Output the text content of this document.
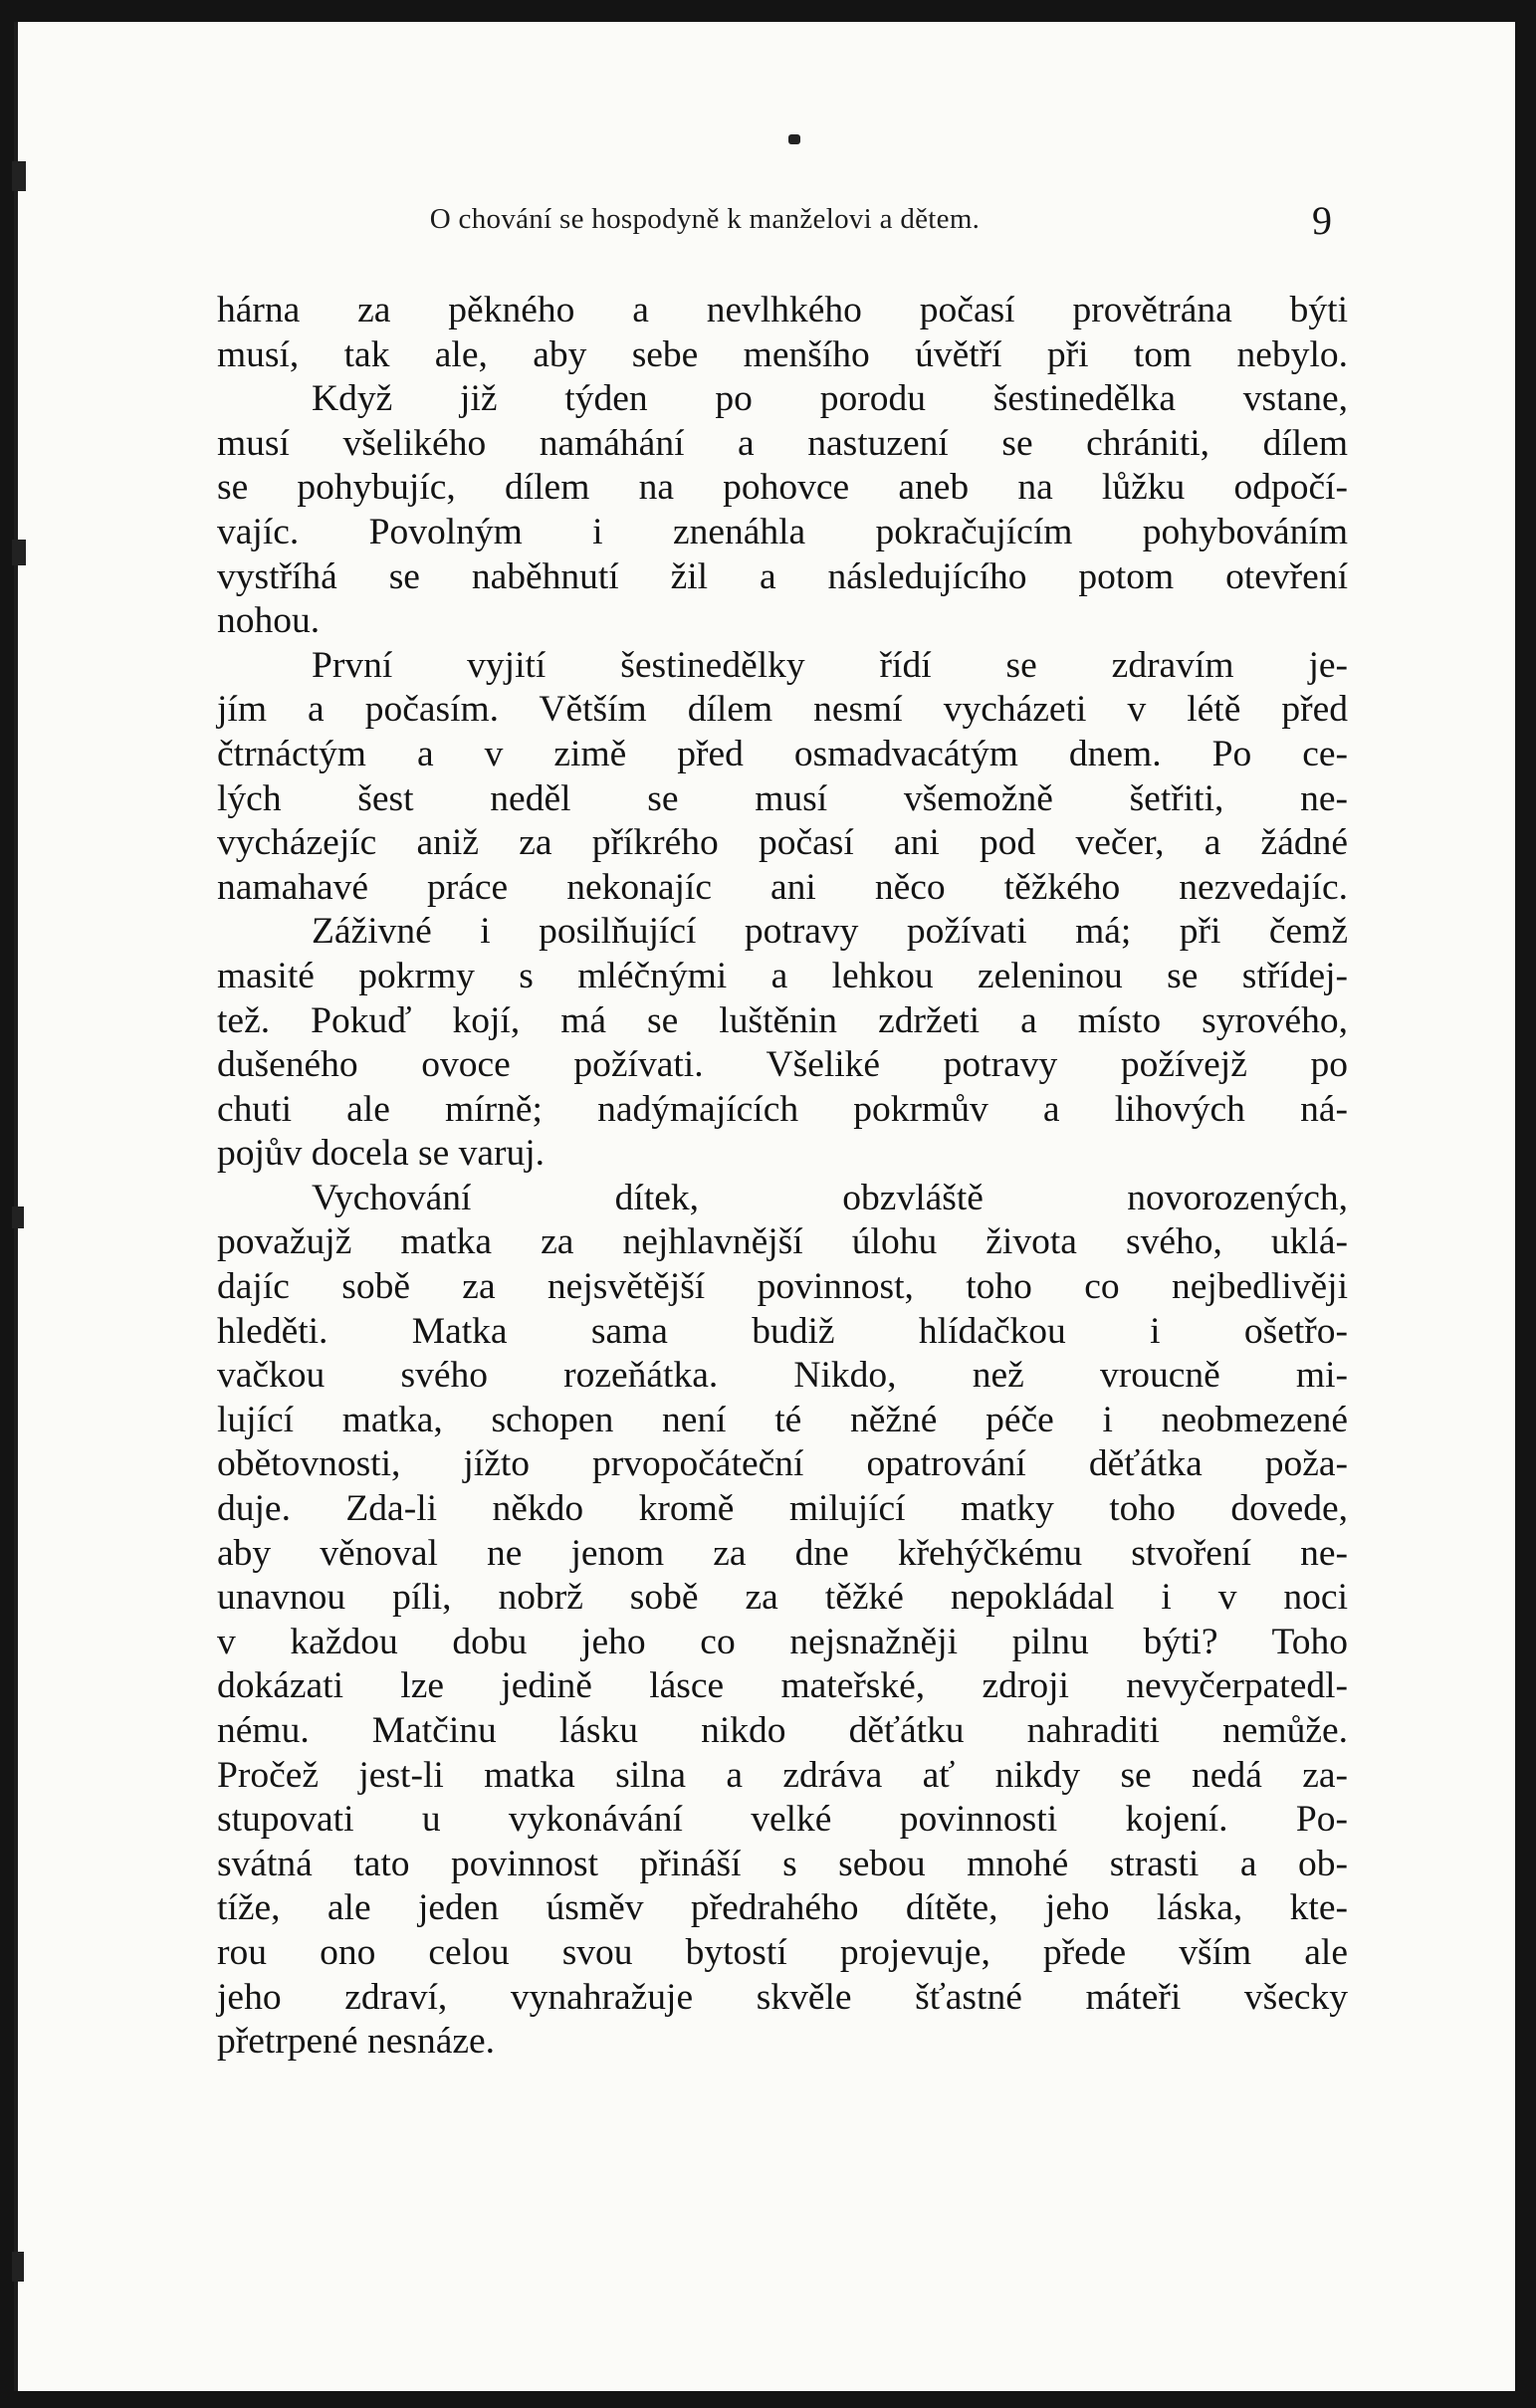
O chování se hospodyně k manželovi a dětem.	9
hárna za pěkného a nevlhkého počasí provětrána býti
musí, tak ale, aby sebe menšího úvětří při tom nebylo.
Když již týden po porodu šestinedělka vstane,
musí všelikého namáhání a nastuzení se chrániti, dílem
se pohybujíc, dílem na pohovce aneb na lůžku odpočí-
vajíc. Povolným i znenáhla pokračujícím pohybováním
vystříhá se naběhnutí žil a následujícího potom otevření
nohou.
První vyjití šestinedělky řídí se zdravím je-
jím a počasím. Větším dílem nesmí vycházeti v létě před
čtrnáctým a v zimě před osmadvacátým dnem. Po ce-
lých šest neděl se musí všemožně šetřiti, ne-
vycházejíc aniž za příkrého počasí ani pod večer, a žádné
namahavé práce nekonajíc ani něco těžkého nezvedajíc.
Záživné i posilňující potravy požívati má; při čemž
masité pokrmy s mléčnými a lehkou zeleninou se střídej-
tež. Pokuď kojí, má se luštěnin zdržeti a místo syrového,
dušeného ovoce požívati. Všeliké potravy požívejž po
chuti ale mírně; nadýmajících pokrmův a lihových ná-
pojův docela se varuj.
Vychování dítek, obzvláště novorozených,
považujž matka za nejhlavnější úlohu života svého, uklá-
dajíc sobě za nejsvětější povinnost, toho co nejbedlivěji
hleděti. Matka sama budiž hlídačkou i ošetřo-
vačkou svého rozeňátka. Nikdo, než vroucně mi-
lující matka, schopen není té něžné péče i neobmezené
obětovnosti, jížto prvopočáteční opatrování děťátka poža-
duje. Zda-li někdo kromě milující matky toho dovede,
aby věnoval ne jenom za dne křehýčkému stvoření ne-
unavnou píli, nobrž sobě za těžké nepokládal i v noci
v každou dobu jeho co nejsnažněji pilnu býti? Toho
dokázati lze jedině lásce mateřské, zdroji nevyčerpatedl-
nému. Matčinu lásku nikdo děťátku nahraditi nemůže.
Pročež jest-li matka silna a zdráva ať nikdy se nedá za-
stupovati u vykonávání velké povinnosti kojení. Po-
svátná tato povinnost přináší s sebou mnohé strasti a ob-
tíže, ale jeden úsměv předrahého dítěte, jeho láska, kte-
rou ono celou svou bytostí projevuje, přede vším ale
jeho zdraví, vynahražuje skvěle šťastné máteři všecky
přetrpené nesnáze.
